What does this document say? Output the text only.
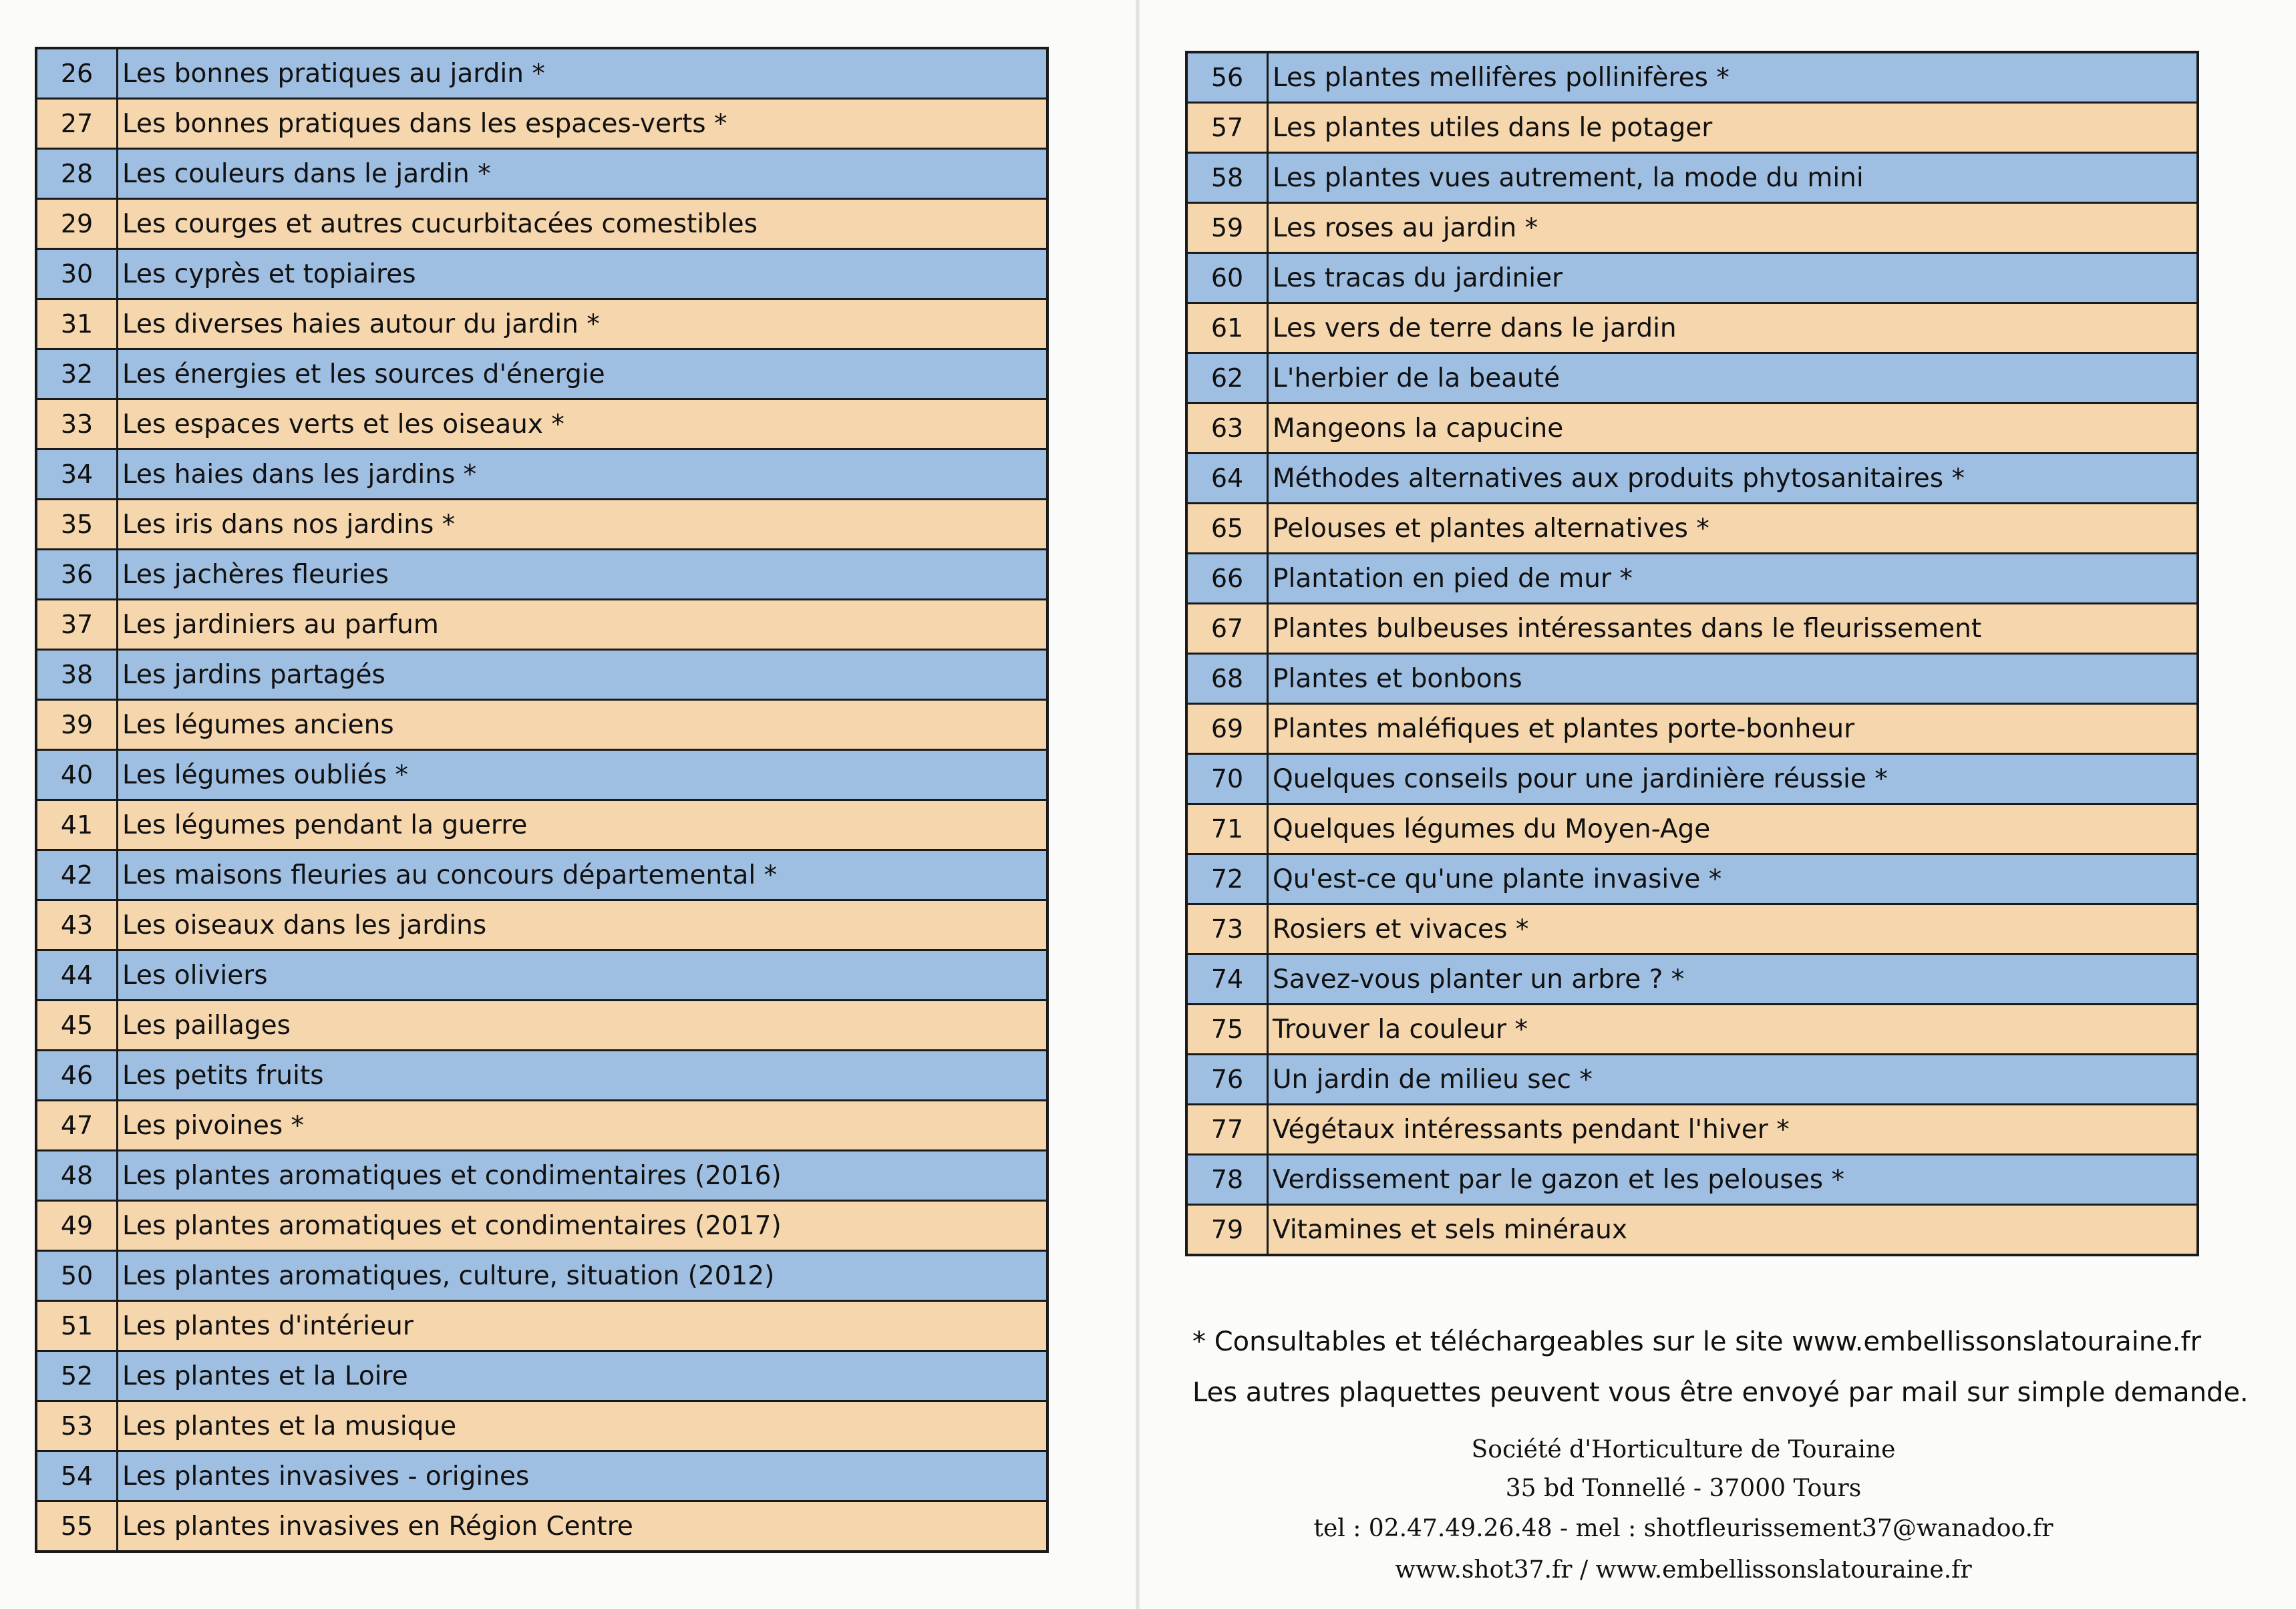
26	Les bonnes pratiques au jardin *
27	Les bonnes pratiques dans les espaces-verts *
28	Les couleurs dans le jardin *
29	Les courges et autres cucurbitacées comestibles
30	Les cyprès et topiaires
31	Les diverses haies autour du jardin *
32	Les énergies et les sources d'énergie
33	Les espaces verts et les oiseaux *
34	Les haies dans les jardins *
35	Les iris dans nos jardins *
36	Les jachères fleuries
37	Les jardiniers au parfum
38	Les jardins partagés
39	Les légumes anciens
40	Les légumes oubliés *
41	Les légumes pendant la guerre
42	Les maisons fleuries au concours départemental *
43	Les oiseaux dans les jardins
44	Les oliviers
45	Les paillages
46	Les petits fruits
47	Les pivoines *
48	Les plantes aromatiques et condimentaires (2016)
49	Les plantes aromatiques et condimentaires (2017)
50	Les plantes aromatiques, culture, situation (2012)
51	Les plantes d'intérieur
52	Les plantes et la Loire
53	Les plantes et la musique
54	Les plantes invasives - origines
55	Les plantes invasives en Région Centre
56	Les plantes mellifères pollinifères *
57	Les plantes utiles dans le potager
58	Les plantes vues autrement, la mode du mini
59	Les roses au jardin *
60	Les tracas du jardinier
61	Les vers de terre dans le jardin
62	L'herbier de la beauté
63	Mangeons la capucine
64	Méthodes alternatives aux produits phytosanitaires *
65	Pelouses et plantes alternatives *
66	Plantation en pied de mur *
67	Plantes bulbeuses intéressantes dans le fleurissement
68	Plantes et bonbons
69	Plantes maléfiques et plantes porte-bonheur
70	Quelques conseils pour une jardinière réussie *
71	Quelques légumes du Moyen-Age
72	Qu'est-ce qu'une plante invasive *
73	Rosiers et vivaces *
74	Savez-vous planter un arbre ? *
75	Trouver la couleur *
76	Un jardin de milieu sec *
77	Végétaux intéressants pendant l'hiver *
78	Verdissement par le gazon et les pelouses *
79	Vitamines et sels minéraux
* Consultables et téléchargeables sur le site www.embellissonslatouraine.fr
Les autres plaquettes peuvent vous être envoyé par mail sur simple demande.
Société d'Horticulture de Touraine
35 bd Tonnellé - 37000 Tours
tel : 02.47.49.26.48 - mel : shotfleurissement37@wanadoo.fr
www.shot37.fr / www.embellissonslatouraine.fr
